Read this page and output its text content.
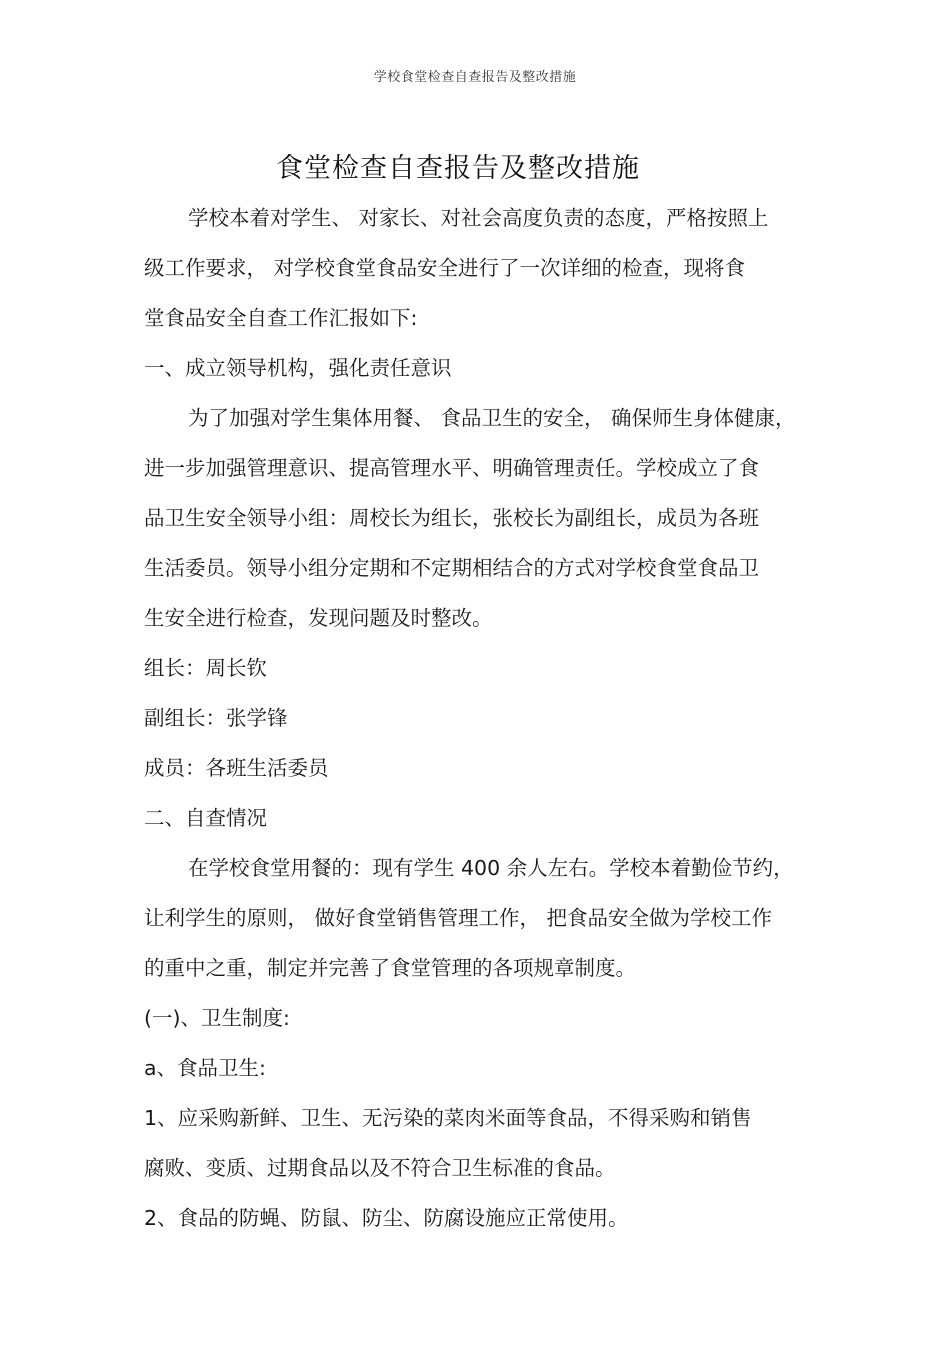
学校食堂检查自查报告及整改措施
食堂检查自查报告及整改措施
学校本着对学生、 对家长、对社会高度负责的态度，严格按照上
级工作要求， 对学校食堂食品安全进行了一次详细的检查，现将食
堂食品安全自查工作汇报如下:
一、成立领导机构，强化责任意识
为了加强对学生集体用餐、 食品卫生的安全， 确保师生身体健康，
进一步加强管理意识、提高管理水平、明确管理责任。学校成立了食
品卫生安全领导小组：周校长为组长，张校长为副组长，成员为各班
生活委员。领导小组分定期和不定期相结合的方式对学校食堂食品卫
生安全进行检查，发现问题及时整改。
组长：周长钦
副组长：张学锋
成员：各班生活委员
二、自查情况
在学校食堂用餐的：现有学生 400 余人左右。学校本着勤俭节约，
让利学生的原则， 做好食堂销售管理工作， 把食品安全做为学校工作
的重中之重，制定并完善了食堂管理的各项规章制度。
(一)、卫生制度:
a、食品卫生:
1、应采购新鲜、卫生、无污染的菜肉米面等食品，不得采购和销售
腐败、变质、过期食品以及不符合卫生标准的食品。
2、食品的防蝇、防鼠、防尘、防腐设施应正常使用。
